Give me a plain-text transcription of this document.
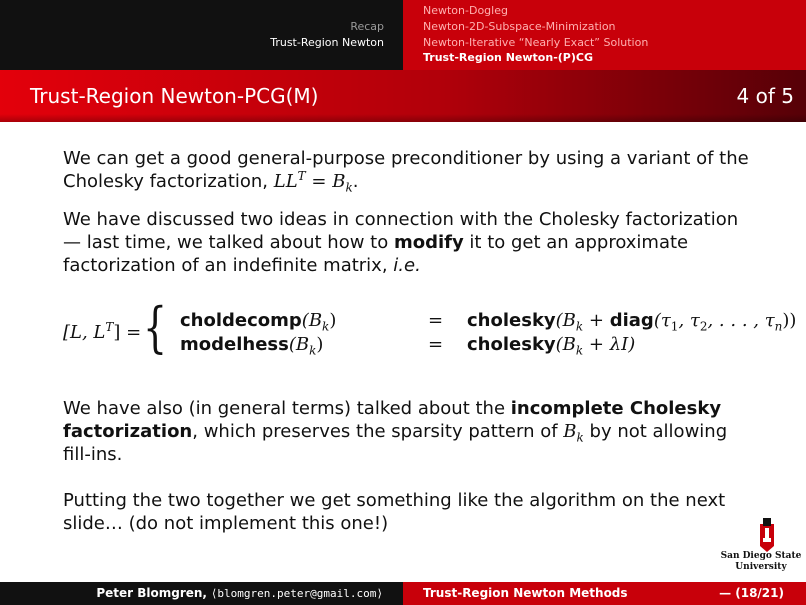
Recap
Trust-Region Newton
Newton-Dogleg
Newton-2D-Subspace-Minimization
Newton-Iterative “Nearly Exact” Solution
Trust-Region Newton-(P)CG
Trust-Region Newton-PCG(M)	4 of 5
We can get a good general-purpose preconditioner by using a variant of the Cholesky factorization, $LL^T = B_k$.
We have discussed two ideas in connection with the Cholesky factorization — last time, we talked about how to modify it to get an approximate factorization of an indefinite matrix, i.e.
[L, $L^T$] = { $choldecomp(B_k)$	= $cholesky(B_k$ + $diag(\tau_1$, $\tau_2$, . . . , $\tau_n$))
$modelhess(B_k)$	= $cholesky(B_k + \lambda I)$
We have also (in general terms) talked about the incomplete Cholesky factorization, which preserves the sparsity pattern of $B_k$ by not allowing fill-ins.
Putting the two together we get something like the algorithm on the next slide… (do not implement this one!)
San Diego State
University
Peter Blomgren, ⟨blomgren.peter@gmail.com⟩	Trust-Region Newton Methods	— (18/21)
